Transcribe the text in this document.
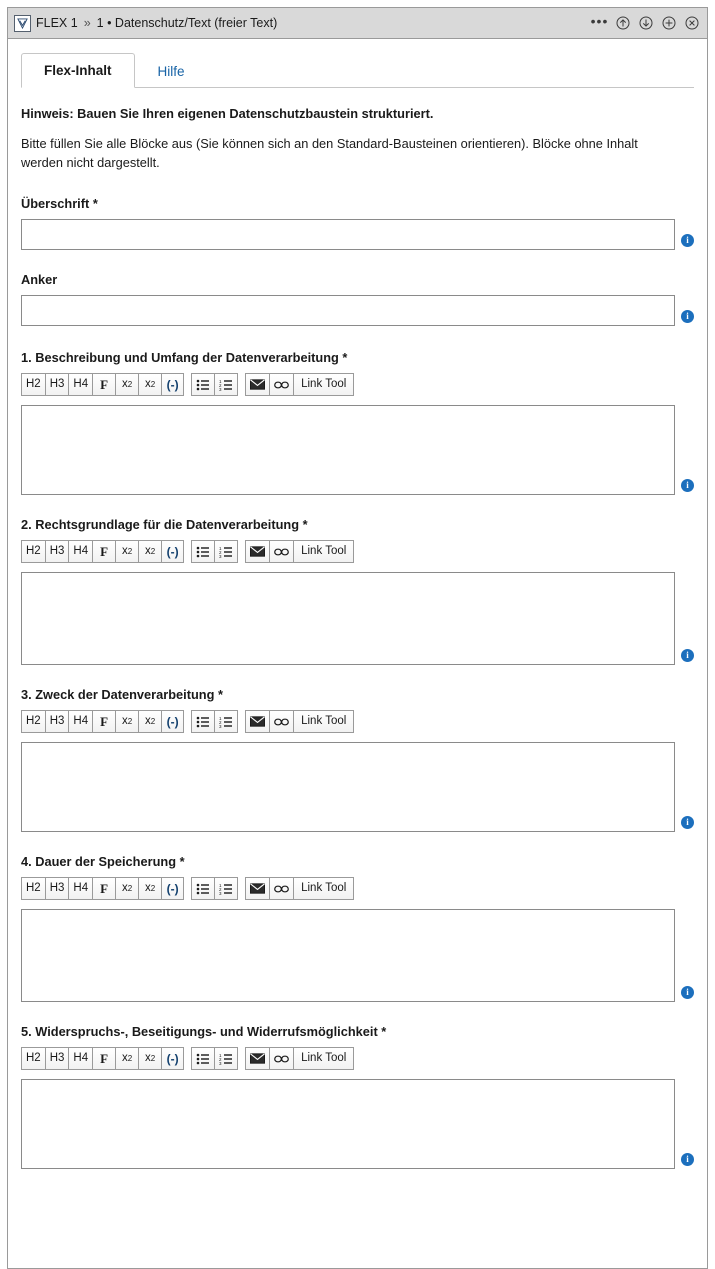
FLEX 1 » 1 • Datenschutz/Text (freier Text)	•••
Flex-Inhalt	Hilfe

Hinweis: Bauen Sie Ihren eigenen Datenschutzbaustein strukturiert.

Bitte füllen Sie alle Blöcke aus (Sie können sich an den Standard-Bausteinen orientieren). Blöcke ohne Inhalt werden nicht dargestellt.

Überschrift *
i
Anker
i
1. Beschreibung und Umfang der Datenverarbeitung *
H2 H3 H4 F	x 2 x 2 (-)	1
2
3	Link Tool
i
2. Rechtsgrundlage für die Datenverarbeitung *
H2 H3 H4 F	x 2 x 2 (-)	1
2
3	Link Tool
i
3. Zweck der Datenverarbeitung *
H2 H3 H4 F	x 2 x 2 (-)	1
2
3	Link Tool
i
4. Dauer der Speicherung *
H2 H3 H4 F	x 2 x 2 (-)	1
2
3	Link Tool
i
5. Widerspruchs-, Beseitigungs- und Widerrufsmöglichkeit *
H2 H3 H4 F	x 2 x 2 (-)	1
2
3	Link Tool
i
